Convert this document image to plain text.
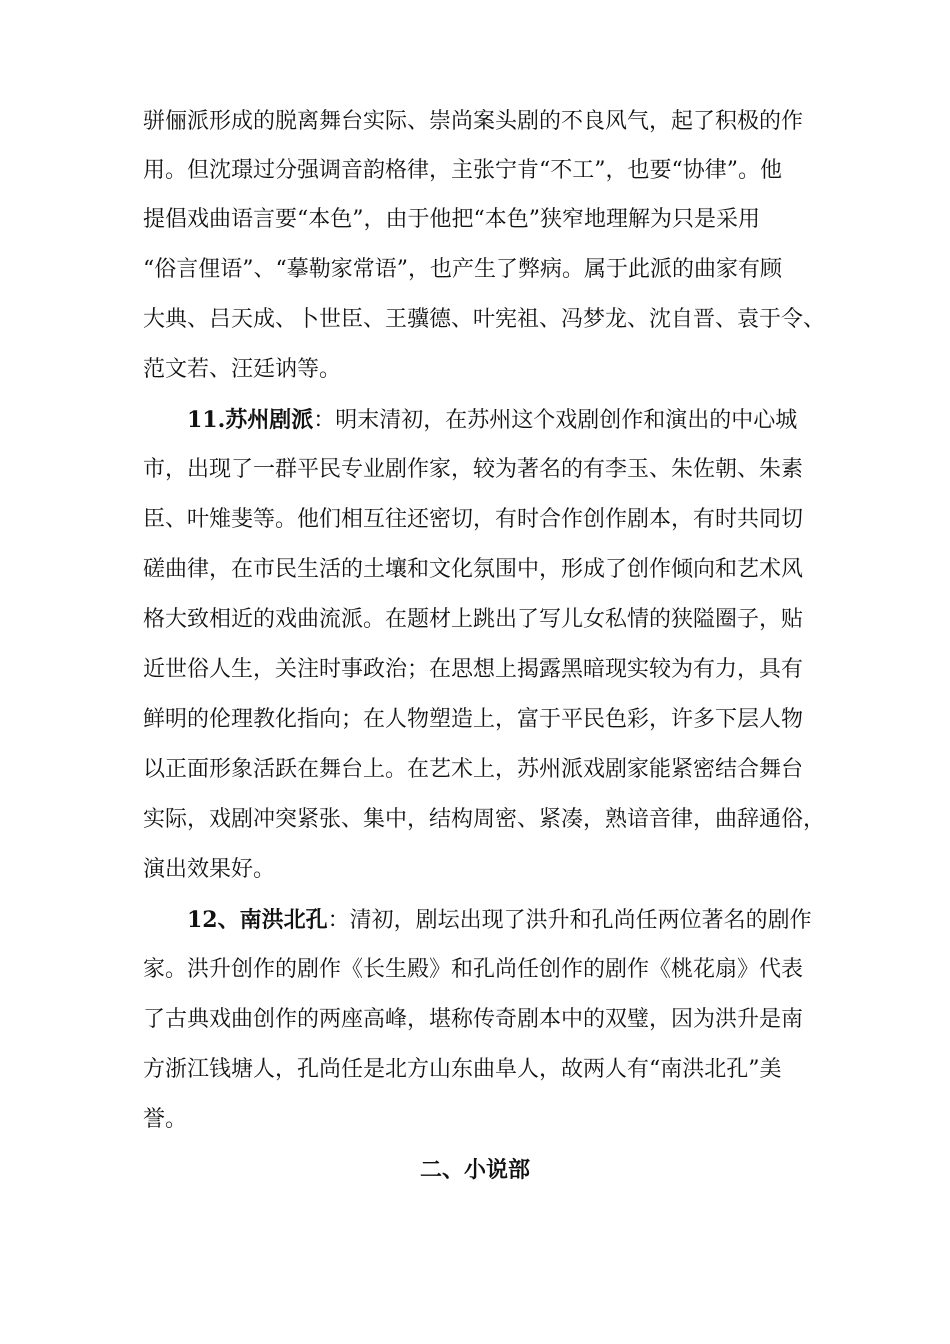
骈俪派形成的脱离舞台实际、崇尚案头剧的不良风气，起了积极的作
用。但沈璟过分强调音韵格律，主张宁肯“不工”，也要“协律”。他
提倡戏曲语言要“本色”，由于他把“本色”狭窄地理解为只是采用
“俗言俚语”、“摹勒家常语”，也产生了弊病。属于此派的曲家有顾
大典、吕天成、卜世臣、王骥德、叶宪祖、冯梦龙、沈自晋、袁于令、
范文若、汪廷讷等。
11.苏州剧派：明末清初，在苏州这个戏剧创作和演出的中心城
市，出现了一群平民专业剧作家，较为著名的有李玉、朱佐朝、朱素
臣、叶雉斐等。他们相互往还密切，有时合作创作剧本，有时共同切
磋曲律，在市民生活的土壤和文化氛围中，形成了创作倾向和艺术风
格大致相近的戏曲流派。在题材上跳出了写儿女私情的狭隘圈子，贴
近世俗人生，关注时事政治；在思想上揭露黑暗现实较为有力，具有
鲜明的伦理教化指向；在人物塑造上，富于平民色彩，许多下层人物
以正面形象活跃在舞台上。在艺术上，苏州派戏剧家能紧密结合舞台
实际，戏剧冲突紧张、集中，结构周密、紧凑，熟谙音律，曲辞通俗，
演出效果好。
12、南洪北孔：清初，剧坛出现了洪升和孔尚任两位著名的剧作
家。洪升创作的剧作《长生殿》和孔尚任创作的剧作《桃花扇》代表
了古典戏曲创作的两座高峰，堪称传奇剧本中的双璧，因为洪升是南
方浙江钱塘人，孔尚任是北方山东曲阜人，故两人有“南洪北孔”美
誉。
二、小说部
